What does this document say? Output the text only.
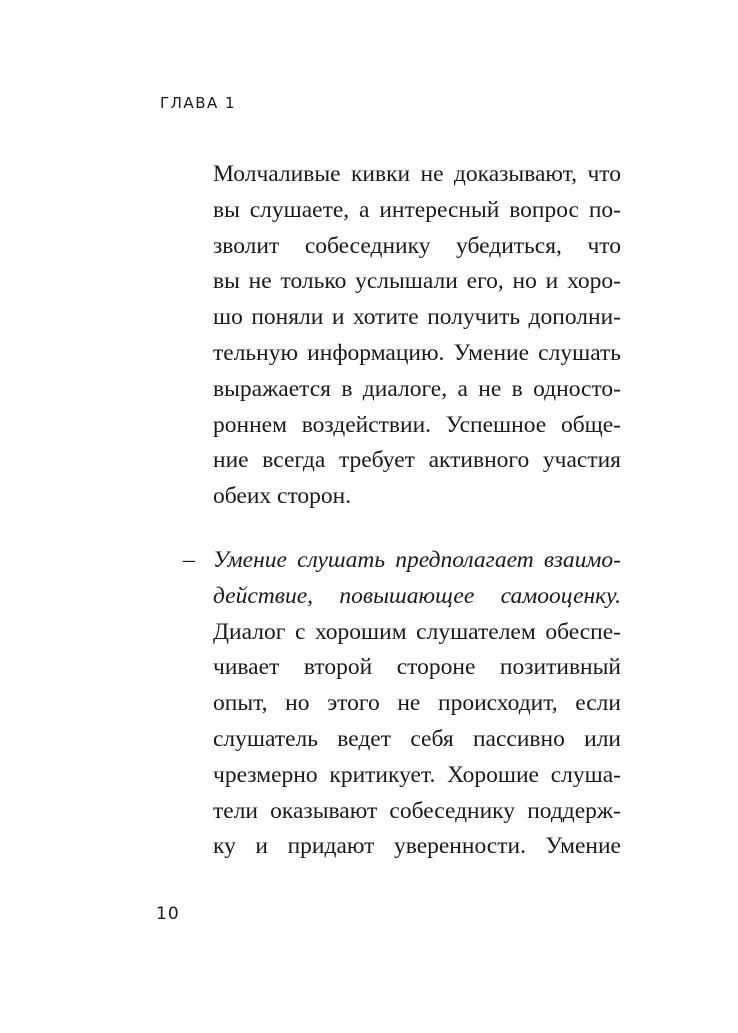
ГЛАВА 1
Молчаливые кивки не доказывают, что
вы слушаете, а интересный вопрос по-
зволит собеседнику убедиться, что
вы не только услышали его, но и хоро-
шо поняли и хотите получить дополни-
тельную информацию. Умение слушать
выражается в диалоге, а не в односто-
роннем воздействии. Успешное обще-
ние всегда требует активного участия
обеих сторон.
– Умение слушать предполагает взаимо-
действие, повышающее самооценку.
Диалог с хорошим слушателем обеспе-
чивает второй стороне позитивный
опыт, но этого не происходит, если
слушатель ведет себя пассивно или
чрезмерно критикует. Хорошие слуша-
тели оказывают собеседнику поддерж-
ку и придают уверенности. Умение
10
